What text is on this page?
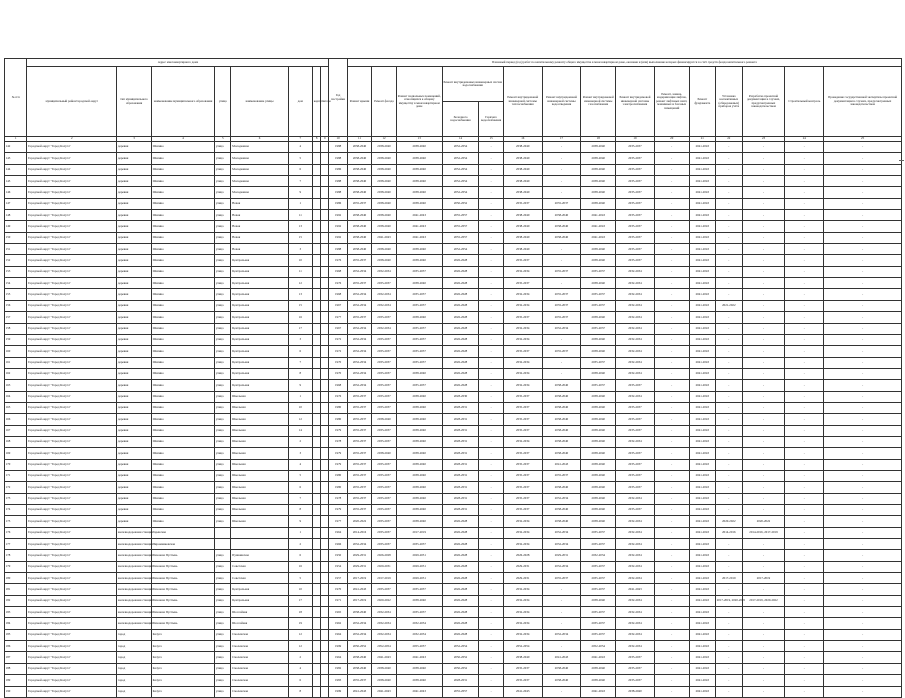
№ п/п	Адрес многоквартирного дома								Год постройки	Плановый период (год) работ по капитальному ремонту общего имущества в многоквартирном доме, оказание и (или) выполнение которых финансируется за счёт средств фонда капитального ремонта														
	муниципальный район/городской округ	тип муниципального образования	наименование муниципального образования	улица	наименование улицы	дом	корпус	литера		Ремонт крыши	Ремонт фасада	Ремонт подвальных помещений, относящихся к общему имуществу в многоквартирном доме	Ремонт внутридомовых инженерных систем водоснабжения		Ремонт внутридомовой инженерной системы теплоснабжения	Ремонт внутридомовой инженерной системы водоотведения	Ремонт внутридомовой инженерной системы газоснабжения	Ремонт внутридомовой инженерной системы электроснабжения	Ремонт, замена, модернизация лифтов, ремонт лифтовых шахт, машинных и блочных помещений	Ремонт фундамента	Установка коллективных (общедомовых) приборов учёта	Разработка проектной документации в случаях, предусмотренных законодательством	Строительный контроль	Проведение государственной экспертизы проектной документации в случаях, предусмотренных законодательством
													Холодного водоснабжения	Горячего водоснабжения										
1	2	3	4	5	6	7	8	9	10	11	12	13	14	15	16	17	18	19	20	21	22	23	24	25
142	Городской округ "Город Калуга"	деревня	Шопино	улица	Молодежная	4			1988	2038-2040	2038-2040	2038-2040	2052-2054	-	2038-2040	-	2038-2040	2035-2037	-	2041-2043	-	-	-	-
143	Городской округ "Город Калуга"	деревня	Шопино	улица	Молодежная	5			1988	2038-2040	2038-2040	2038-2040	2052-2054	-	2038-2040	-	2038-2040	2035-2037	-	2041-2043	-	-	-	-
144	Городской округ "Город Калуга"	деревня	Шопино	улица	Молодежная	6			1986	2038-2040	2038-2040	2038-2040	2052-2054	-	2038-2040	-	2038-2040	2035-2037	-	2041-2043	-	-	-	-
145	Городской округ "Город Калуга"	деревня	Шопино	улица	Молодежная	7			1988	2038-2040	2038-2040	2038-2040	2052-2054	-	2038-2040	-	2038-2040	2035-2037	-	2041-2043	-	-	-	-
146	Городской округ "Город Калуга"	деревня	Шопино	улица	Молодежная	9			1988	2038-2040	2038-2040	2038-2040	2052-2054	-	2038-2040	-	2038-2040	2035-2037	-	2041-2043	-	-	-	-
147	Городской округ "Город Калуга"	деревня	Шопино	улица	Новая	1			1986	2035-2037	2038-2040	2038-2040	2050-2052	-	2035-2037	2035-2037	2038-2040	2035-2037	-	2041-2043	-	-	-	-
148	Городской округ "Город Калуга"	деревня	Шопино	улица	Новая	11			1992	2038-2040	2038-2040	2041-2043	2055-2057	-	2038-2040	2038-2040	2041-2043	2035-2037	-	2041-2043	-	-	-	-
149	Городской округ "Город Калуга"	деревня	Шопино	улица	Новая	13			1992	2038-2040	2038-2040	2041-2043	2055-2057	-	2038-2040	2038-2040	2041-2043	2035-2037	-	2041-2043	-	-	-	-
150	Городской округ "Город Калуга"	деревня	Шопино	улица	Новая	15			1992	2038-2040	2041-2043	2041-2043	2055-2057	-	2038-2040	2038-2040	2041-2043	2035-2037	-	2041-2043	-	-	-	-
151	Городской округ "Город Калуга"	деревня	Шопино	улица	Новая	3			1988	2038-2040	2038-2040	2038-2040	2052-2054	-	2038-2040	-	2038-2040	2035-2037	-	2041-2043	-	-	-	-
152	Городской округ "Город Калуга"	деревня	Шопино	улица	Центральная	10			1976	2035-2037	2038-2040	2038-2040	2026-2028	-	2035-2037	-	2038-2040	2035-2037	-	2041-2043	-	-	-	-
153	Городской округ "Город Калуга"	деревня	Шопино	улица	Центральная	11			1968	2032-2034	2032-2034	2035-2037	2026-2028	-	2032-2034	2035-2037	2035-2037	2032-2034	-	2041-2043	-	-	-	-
154	Городской округ "Город Калуга"	деревня	Шопино	улица	Центральная	12			1976	2035-2037	2035-2037	2038-2040	2026-2028	-	2035-2037	-	2038-2040	2032-2034	-	2041-2043	-	-	-	-
155	Городской округ "Город Калуга"	деревня	Шопино	улица	Центральная	13			1968	2032-2034	2032-2034	2035-2037	2026-2028	-	2032-2034	2035-2037	2035-2037	2032-2034	-	2041-2043	-	-	-	-
156	Городской округ "Город Калуга"	деревня	Шопино	улица	Центральная	15			1967	2032-2034	2032-2034	2035-2037	2026-2028	-	2032-2034	2035-2037	2035-2037	2032-2034	-	2041-2043	2021-2022	-	-	-
157	Городской округ "Город Калуга"	деревня	Шопино	улица	Центральная	16			1977	2035-2037	2035-2037	2038-2040	2026-2028	-	2035-2037	2035-2037	2038-2040	2032-2034	-	2041-2043	-	-	-	-
158	Городской округ "Город Калуга"	деревня	Шопино	улица	Центральная	17			1967	2032-2034	2032-2034	2035-2037	2026-2028	-	2032-2034	2032-2034	2035-2037	2032-2034	-	2041-2043	-	-	-	-
159	Городской округ "Город Калуга"	деревня	Шопино	улица	Центральная	3			1972	2032-2034	2035-2037	2035-2037	2026-2028	-	2032-2034	-	2038-2040	2032-2034	-	2041-2043	-	-	-	-
160	Городской округ "Город Калуга"	деревня	Шопино	улица	Центральная	6			1972	2032-2034	2035-2037	2035-2037	2026-2028	-	2035-2037	2035-2037	2038-2040	2032-2034	-	2041-2043	-	-	-	-
161	Городской округ "Город Калуга"	деревня	Шопино	улица	Центральная	7			1970	2032-2034	2035-2037	2035-2037	2026-2028	-	2032-2034	-	2035-2037	2032-2034	-	2041-2043	-	-	-	-
162	Городской округ "Город Калуга"	деревня	Шопино	улица	Центральная	8			1970	2032-2034	2035-2037	2038-2040	2026-2028	-	2032-2034	-	2038-2040	2032-2034	-	2041-2043	-	-	-	-
163	Городской округ "Город Калуга"	деревня	Шопино	улица	Центральная	9			1968	2032-2034	2035-2037	2035-2037	2026-2028	-	2032-2034	2038-2040	2035-2037	2035-2037	-	2041-2043	-	-	-	-
164	Городской округ "Город Калуга"	деревня	Шопино	улица	Школьная	1			1976	2035-2037	2035-2037	2038-2040	2028-2030	-	2035-2037	2038-2040	2038-2040	2032-2034	-	2041-2043	-	-	-	-
165	Городской округ "Город Калуга"	деревня	Шопино	улица	Школьная	10			1980	2035-2037	2035-2037	2038-2040	2028-2031	-	2035-2037	2038-2040	2038-2040	2035-2037	-	2041-2043	-	-	-	-
166	Городской округ "Город Калуга"	деревня	Шопино	улица	Школьная	12			1980	2035-2037	2038-2040	2038-2040	2028-2031	-	2035-2037	2038-2040	2038-2040	2035-2037	-	2041-2043	-	-	-	-
167	Городской округ "Город Калуга"	деревня	Шопино	улица	Школьная	14			1979	2035-2037	2035-2037	2038-2040	2028-2031	-	2035-2037	2038-2040	2038-2040	2035-2037	-	2041-2043	-	-	-	-
168	Городской округ "Город Калуга"	деревня	Шопино	улица	Школьная	2			1978	2035-2037	2035-2037	2038-2040	2028-2031	-	2032-2034	2038-2040	2038-2040	2032-2034	-	2041-2043	-	-	-	-
169	Городской округ "Город Калуга"	деревня	Шопино	улица	Школьная	3			1979	2035-2037	2038-2040	2038-2040	2028-2031	-	2035-2037	2038-2040	2038-2040	2035-2037	-	2041-2043	-	-	-	-
170	Городской округ "Город Калуга"	деревня	Шопино	улица	Школьная	4			1979	2035-2037	2035-2037	2038-2040	2028-2031	-	2035-2037	2041-2043	2038-2040	2035-2037	-	2041-2043	-	-	-	-
171	Городской округ "Город Калуга"	деревня	Шопино	улица	Школьная	5			1980	2035-2037	2035-2037	2038-2040	2028-2031	-	2035-2037	2035-2037	2038-2040	2035-2037	-	2041-2043	-	-	-	-
172	Городской округ "Город Калуга"	деревня	Шопино	улица	Школьная	6			1980	2035-2037	2035-2037	2038-2040	2028-2031	-	2035-2037	2038-2040	2038-2040	2035-2037	-	2041-2043	-	-	-	-
173	Городской округ "Город Калуга"	деревня	Шопино	улица	Школьная	7			1978	2035-2037	2035-2037	2038-2040	2028-2031	-	2035-2037	2032-2034	2038-2040	2032-2034	-	2041-2043	-	-	-	-
174	Городской округ "Город Калуга"	деревня	Шопино	улица	Школьная	8			1979	2035-2037	2035-2037	2038-2040	2028-2031	-	2035-2037	2038-2040	2038-2040	2035-2037	-	2041-2043	-	-	-	-
175	Городской округ "Город Калуга"	деревня	Шопино	улица	Школьная	9			1977	2020-2022	2035-2037	2038-2040	2026-2028	-	2032-2034	2038-2040	2038-2040	2032-2034	-	2041-2043	2020-2022	2020-2022	-	-
176	Городской округ "Город Калуга"	железнодорожная станция	Горенская			1			1964	2014-2016	2035-2037	2017-2019	2026-2028	-	2032-2034	2032-2034	2035-2037	2032-2034	-	2041-2043	2014-2016	2014-2016, 2017-2019	-	-
177	Городской округ "Город Калуга"	железнодорожная станция	Пирожниковская			2			1966	2032-2034	2035-2037	2035-2037	2026-2028	-	2032-2034	2032-2034	2035-2037	2032-2034	-	2041-2043	-	-	-	-
178	Городской округ "Город Калуга"	железнодорожная станция	Тихонова Пустынь	улица	Пушкинская	6			1950	2029-2031	2026-2028	2029-2031	2026-2028	-	2026-2028	2029-2031	2032-2034	2032-2034	-	2041-2043	-	-	-	-
179	Городской округ "Город Калуга"	железнодорожная станция	Тихонова Пустынь	улица	Советская	16			1954	2029-2031	2029-2031	2029-2031	2026-2028	-	2029-2031	2032-2034	2035-2037	2032-2034	-	2041-2043	-	-	-	-
180	Городской округ "Город Калуга"	железнодорожная станция	Тихонова Пустынь	улица	Советская	5			1957	2017-2019	2017-2019	2029-2031	2026-2028	-	2029-2031	2035-2037	2035-2037	2032-2034	-	2041-2043	2017-2019	2017-2019	-	-
181	Городской округ "Город Калуга"	железнодорожная станция	Тихонова Пустынь	улица	Центральная	10			1970	2041-2043	2035-2037	2035-2037	2026-2028	-	2032-2034	-	2035-2037	2041-2043	-	2041-2043	-	-	-	-
182	Городской округ "Город Калуга"	железнодорожная станция	Тихонова Пустынь	улица	Центральная	17			1971	2017-2019	2020-2022	2038-2040	2026-2028	-	2032-2034	-	2038-2040	2032-2034	-	2041-2043	2017-2019, 2020-2022	2017-2019, 2020-2022	-	-
183	Городской округ "Город Калуга"	железнодорожная станция	Тихонова Пустынь	улица	Шоссейная	18			1965	2038-2040	2032-2034	2035-2037	2026-2028	-	2032-2034	-	2035-2037	2032-2034	-	2041-2043	-	-	-	-
184	Городской округ "Город Калуга"	железнодорожная станция	Тихонова Пустынь	улица	Шоссейная	19			1962	2032-2034	2032-2034	2032-2034	2026-2028	-	2032-2034	-	2035-2037	2032-2034	-	2041-2043	-	-	-	-
185	Городской округ "Город Калуга"	город	Калуга	улица	Смоленская	12			1964	2032-2034	2032-2034	2032-2034	2026-2028	-	2032-2034	2032-2034	2035-2037	2032-2034	-	2041-2043	-	-	-	-
186	Городской округ "Город Калуга"	город	Калуга	улица	Смоленская	12			1999	2050-2052	2052-2054	2055-2057	2052-2054	-	2052-2054	-	2052-2054	2032-2034	-	2041-2043	-	-	-	-
187	Городской округ "Город Калуга"	город	Калуга	улица	Смоленская	2			1964	2038-2040	2041-2043	2041-2043	2050-2052	-	2038-2040	2041-2043	2041-2043	2035-2037	-	2041-2043	-	-	-	-
188	Городской округ "Город Калуга"	город	Калуга	улица	Смоленская	4			1982	2038-2040	2038-2040	2038-2040	2050-2052	-	2035-2037	2038-2040	2038-2040	2035-2037	-	2041-2043	-	-	-	-
189	Городской округ "Город Калуга"	город	Калуга	улица	Смоленская	6			1983	2035-2037	2038-2040	2038-2040	2028-2031	-	2035-2037	2038-2040	2038-2040	2035-2037	-	2041-2043	-	-	-	-
190	Городской округ "Город Калуга"	город	Калуга	улица	Смоленская	8			1999	2041-2043	2041-2043	2041-2043	2055-2057	-	2041-2043	-	2041-2043	2038-2040	-	2041-2043	-	-	-	-
